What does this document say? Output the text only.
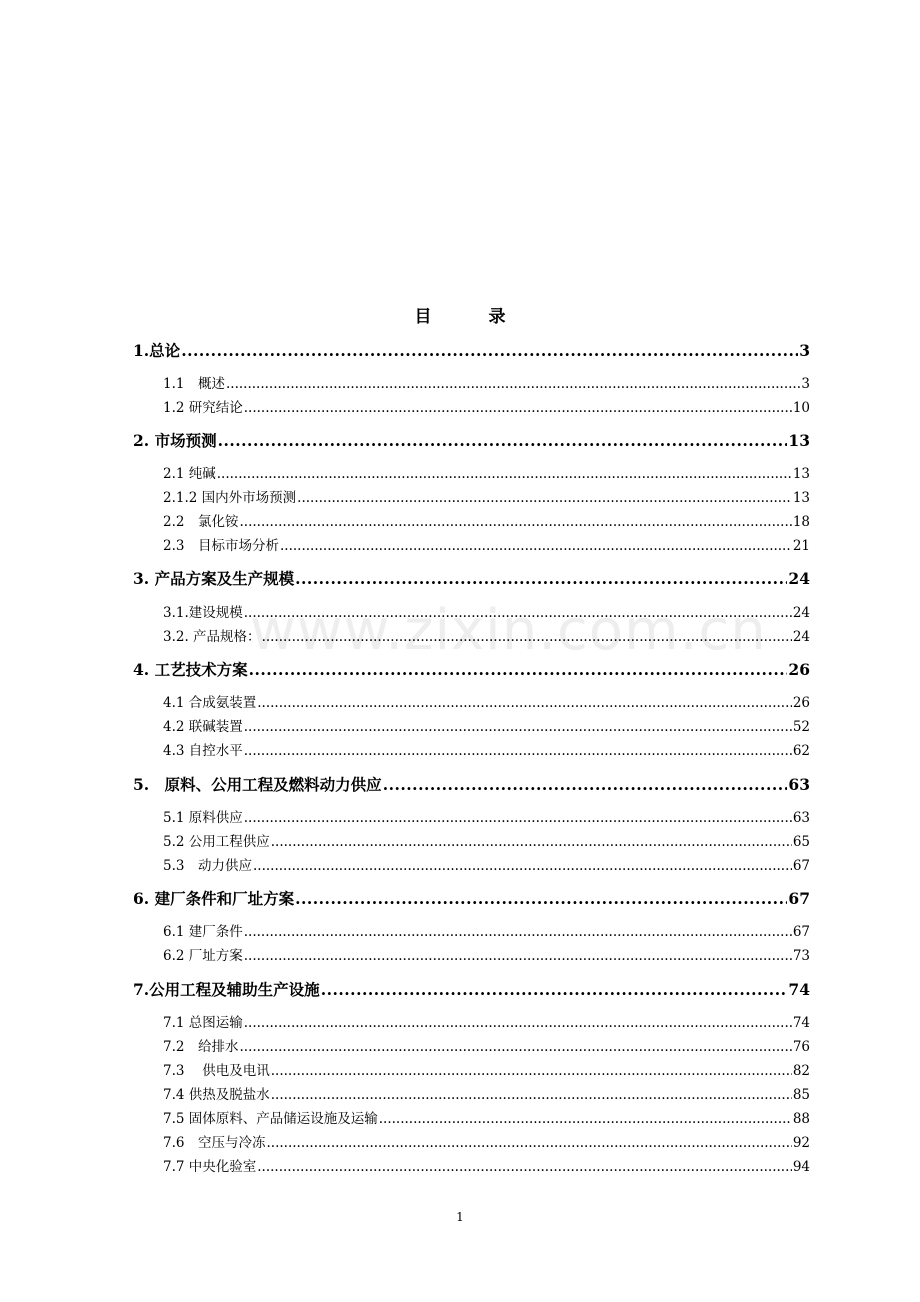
目　录
www.zixin.com.cn
1.总论 .....	3
1.1　概述 .....	3
1.2 研究结论 .....	10
2. 市场预测 .....	13
2.1 纯碱 .....	13
2.1.2 国内外市场预测 .....	13
2.2　氯化铵 .....	18
2.3　目标市场分析 .....	21
3. 产品方案及生产规模 .....	24
3.1.建设规模 .....	24
3.2. 产品规格： .....	24
4. 工艺技术方案 .....	26
4.1 合成氨装置 .....	26
4.2 联碱装置 .....	52
4.3 自控水平 .....	62
5.　原料、公用工程及燃料动力供应 .....	63
5.1 原料供应 .....	63
5.2 公用工程供应 .....	65
5.3　动力供应 .....	67
6. 建厂条件和厂址方案 .....	67
6.1 建厂条件 .....	67
6.2 厂址方案 .....	73
7.公用工程及辅助生产设施 .....	74
7.1 总图运输 .....	74
7.2　给排水 .....	76
7.3　 供电及电讯 .....	82
7.4 供热及脱盐水 .....	85
7.5 固体原料、产品储运设施及运输 .....	88
7.6　空压与冷冻 .....	92
7.7 中央化验室 .....	94
1
